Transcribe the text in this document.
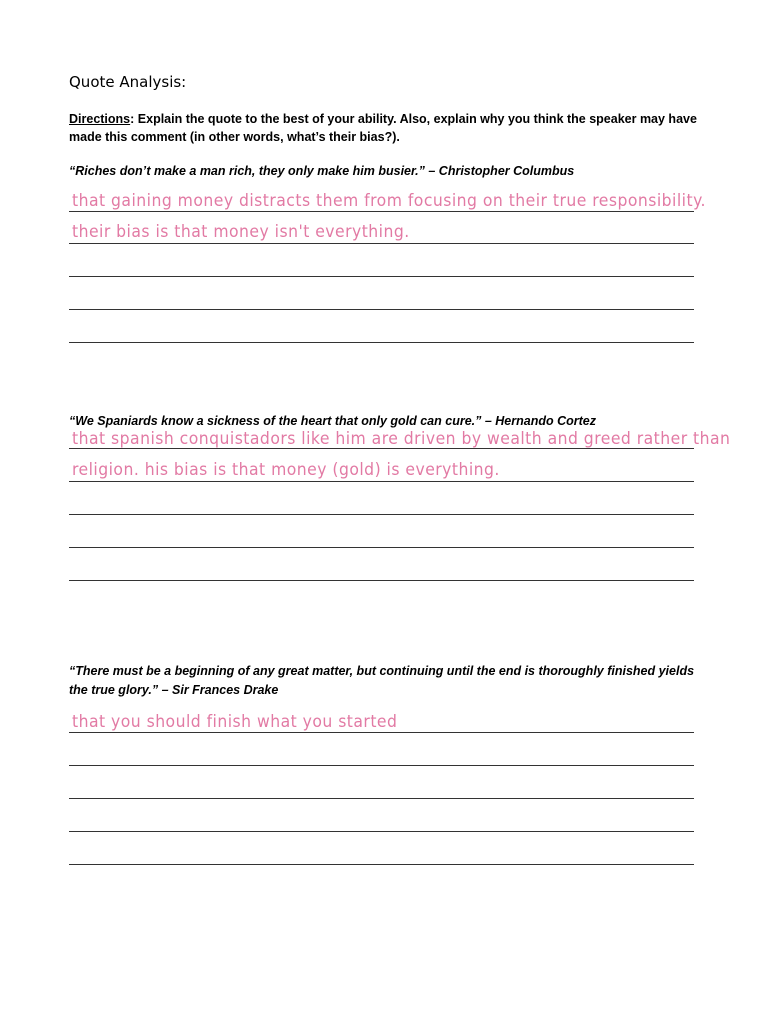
Quote Analysis:
Directions: Explain the quote to the best of your ability. Also, explain why you think the speaker may have made this comment (in other words, what’s their bias?).
“Riches don’t make a man rich, they only make him busier.” – Christopher Columbus
that gaining money distracts them from focusing on their true responsibility.
their bias is that money isn't everything.
“We Spaniards know a sickness of the heart that only gold can cure.” – Hernando Cortez
that spanish conquistadors like him are driven by wealth and greed rather than
religion. his bias is that money (gold) is everything.
“There must be a beginning of any great matter, but continuing until the end is thoroughly finished yields the true glory.” – Sir Frances Drake
that you should finish what you started
